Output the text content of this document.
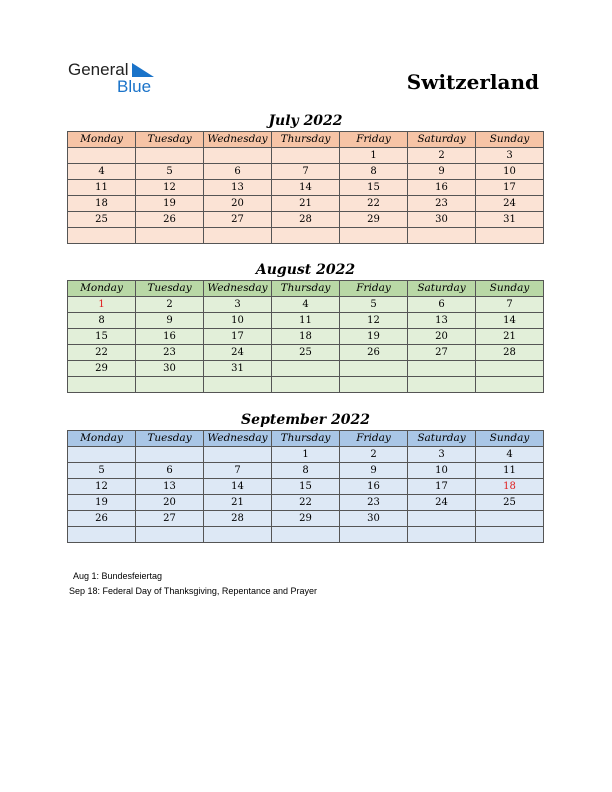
General
Blue	Switzerland
July 2022
Monday	Tuesday	Wednesday	Thursday	Friday	Saturday	Sunday
				1	2	3
4	5	6	7	8	9	10
11	12	13	14	15	16	17
18	19	20	21	22	23	24
25	26	27	28	29	30	31

August 2022
Monday	Tuesday	Wednesday	Thursday	Friday	Saturday	Sunday
1	2	3	4	5	6	7
8	9	10	11	12	13	14
15	16	17	18	19	20	21
22	23	24	25	26	27	28
29	30	31				

September 2022
Monday	Tuesday	Wednesday	Thursday	Friday	Saturday	Sunday
			1	2	3	4
5	6	7	8	9	10	11
12	13	14	15	16	17	18
19	20	21	22	23	24	25
26	27	28	29	30		

Aug 1: Bundesfeiertag
Sep 18: Federal Day of Thanksgiving, Repentance and Prayer
